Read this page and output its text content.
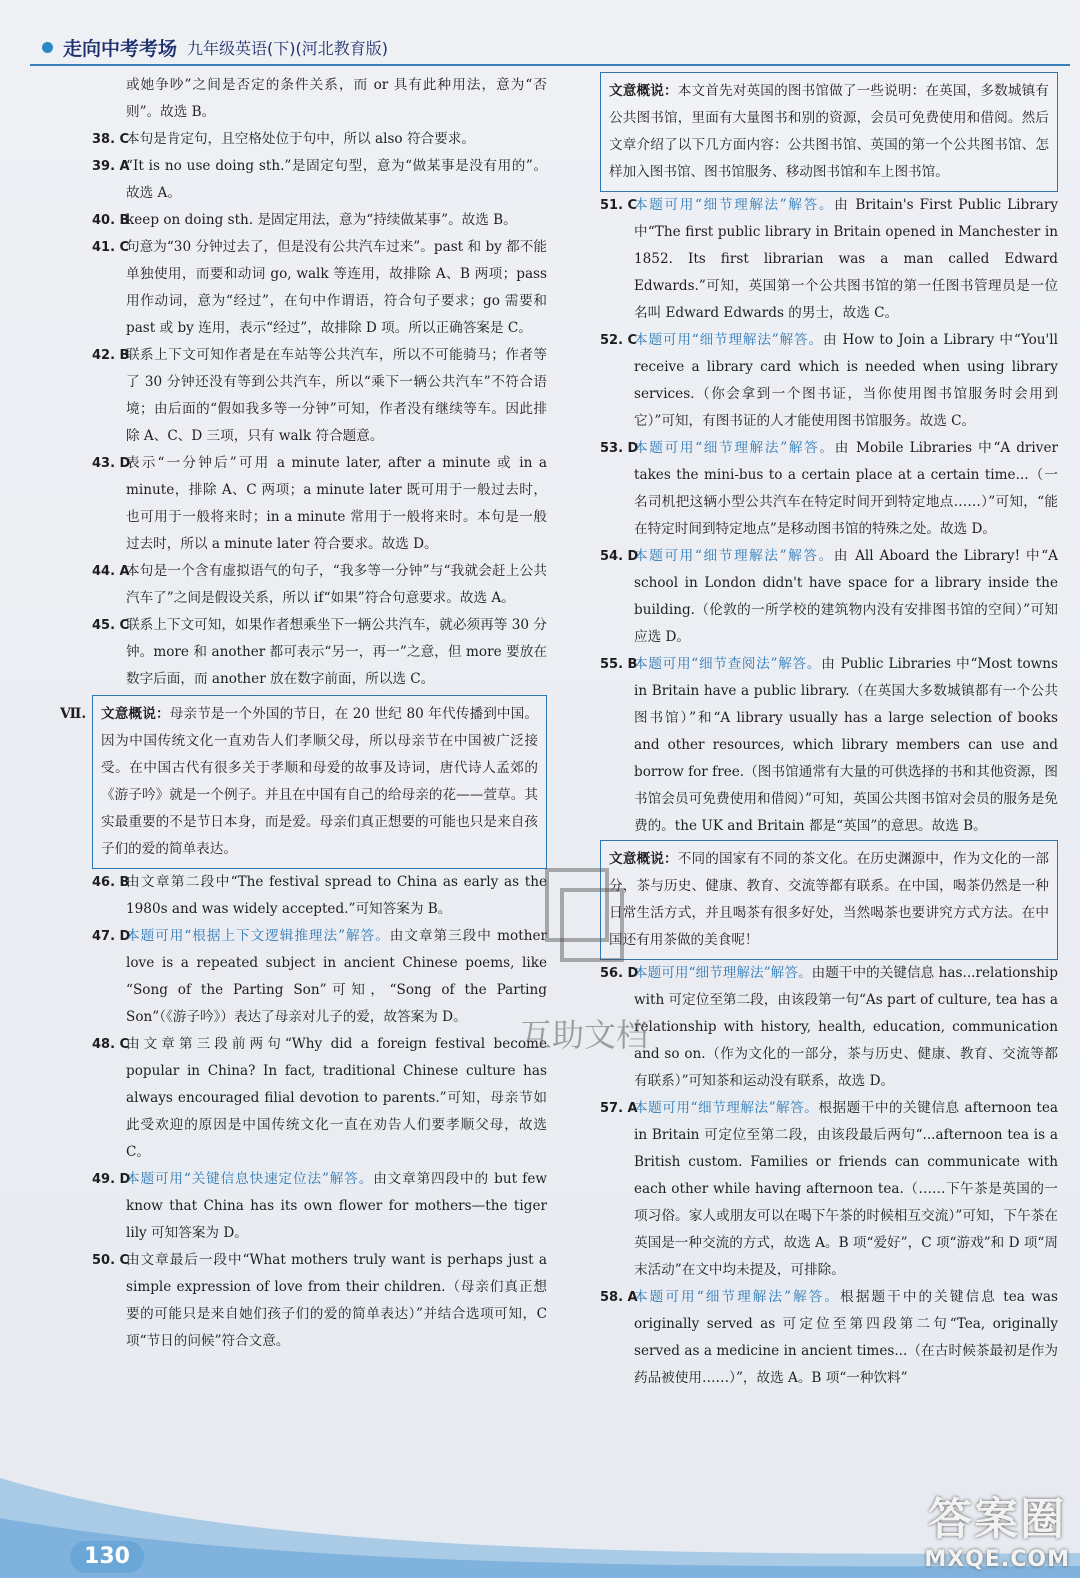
走向中考考场 九年级英语(下)(河北教育版)
或她争吵”之间是否定的条件关系，而 or 具有此种用法，意为“否则”。故选 B。
38. C
本句是肯定句，且空格处位于句中，所以 also 符合要求。
39. A
“It is no use doing sth.”是固定句型，意为“做某事是没有用的”。故选 A。
40. B
keep on doing sth. 是固定用法，意为“持续做某事”。故选 B。
41. C
句意为“30 分钟过去了，但是没有公共汽车过来”。past 和 by 都不能单独使用，而要和动词 go, walk 等连用，故排除 A、B 两项；pass 用作动词，意为“经过”，在句中作谓语，符合句子要求；go 需要和 past 或 by 连用，表示“经过”，故排除 D 项。所以正确答案是 C。
42. B
联系上下文可知作者是在车站等公共汽车，所以不可能骑马；作者等了 30 分钟还没有等到公共汽车，所以“乘下一辆公共汽车”不符合语境；由后面的“假如我多等一分钟”可知，作者没有继续等车。因此排除 A、C、D 三项，只有 walk 符合题意。
43. D
表示“一分钟后”可用 a minute later, after a minute 或 in a minute，排除 A、C 两项；a minute later 既可用于一般过去时，也可用于一般将来时；in a minute 常用于一般将来时。本句是一般过去时，所以 a minute later 符合要求。故选 D。
44. A
本句是一个含有虚拟语气的句子，“我多等一分钟”与“我就会赶上公共汽车了”之间是假设关系，所以 if“如果”符合句意要求。故选 A。
45. C
联系上下文可知，如果作者想乘坐下一辆公共汽车，就必须再等 30 分钟。more 和 another 都可表示“另一，再一”之意，但 more 要放在数字后面，而 another 放在数字前面，所以选 C。
Ⅶ.	文意概说：母亲节是一个外国的节日，在 20 世纪 80 年代传播到中国。因为中国传统文化一直劝告人们孝顺父母，所以母亲节在中国被广泛接受。在中国古代有很多关于孝顺和母爱的故事及诗词，唐代诗人孟郊的《游子吟》就是一个例子。并且在中国有自己的给母亲的花——萱草。其实最重要的不是节日本身，而是爱。母亲们真正想要的可能也只是来自孩子们的爱的简单表达。
46. B
由文章第二段中“The festival spread to China as early as the 1980s and was widely accepted.”可知答案为 B。
47. D
本题可用“根据上下文逻辑推理法”解答。由文章第三段中 mother love is a repeated subject in ancient Chinese poems, like “Song of the Parting Son”可知，“Song of the Parting Son”（《游子吟》）表达了母亲对儿子的爱，故答案为 D。
48. C
由文章第三段前两句“Why did a foreign festival become popular in China? In fact, traditional Chinese culture has always encouraged filial devotion to parents.”可知，母亲节如此受欢迎的原因是中国传统文化一直在劝告人们要孝顺父母，故选 C。
49. D
本题可用“关键信息快速定位法”解答。由文章第四段中的 but few know that China has its own flower for mothers—the tiger lily 可知答案为 D。
50. C
由文章最后一段中“What mothers truly want is perhaps just a simple expression of love from their children.（母亲们真正想要的可能只是来自她们孩子们的爱的简单表达）”并结合选项可知，C 项“节日的问候”符合文意。
文意概说：本文首先对英国的图书馆做了一些说明：在英国，多数城镇有公共图书馆，里面有大量图书和别的资源，会员可免费使用和借阅。然后文章介绍了以下几方面内容：公共图书馆、英国的第一个公共图书馆、怎样加入图书馆、图书馆服务、移动图书馆和车上图书馆。
51. C
本题可用“细节理解法”解答。由 Britain's First Public Library 中“The first public library in Britain opened in Manchester in 1852. Its first librarian was a man called Edward Edwards.”可知，英国第一个公共图书馆的第一任图书管理员是一位名叫 Edward Edwards 的男士，故选 C。
52. C
本题可用“细节理解法”解答。由 How to Join a Library 中“You'll receive a library card which is needed when using library services.（你会拿到一个图书证，当你使用图书馆服务时会用到它）”可知，有图书证的人才能使用图书馆服务。故选 C。
53. D
本题可用“细节理解法”解答。由 Mobile Libraries 中“A driver takes the mini-bus to a certain place at a certain time...（一名司机把这辆小型公共汽车在特定时间开到特定地点……）”可知，“能在特定时间到特定地点”是移动图书馆的特殊之处。故选 D。
54. D
本题可用“细节理解法”解答。由 All Aboard the Library! 中“A school in London didn't have space for a library inside the building.（伦敦的一所学校的建筑物内没有安排图书馆的空间）”可知应选 D。
55. B
本题可用“细节查阅法”解答。由 Public Libraries 中“Most towns in Britain have a public library.（在英国大多数城镇都有一个公共图书馆）”和“A library usually has a large selection of books and other resources, which library members can use and borrow for free.（图书馆通常有大量的可供选择的书和其他资源，图书馆会员可免费使用和借阅）”可知，英国公共图书馆对会员的服务是免费的。the UK and Britain 都是“英国”的意思。故选 B。
文意概说：不同的国家有不同的茶文化。在历史渊源中，作为文化的一部分，茶与历史、健康、教育、交流等都有联系。在中国，喝茶仍然是一种日常生活方式，并且喝茶有很多好处，当然喝茶也要讲究方式方法。在中国还有用茶做的美食呢！
56. D
本题可用“细节理解法”解答。由题干中的关键信息 has...relationship with 可定位至第二段，由该段第一句“As part of culture, tea has a relationship with history, health, education, communication and so on.（作为文化的一部分，茶与历史、健康、教育、交流等都有联系）”可知茶和运动没有联系，故选 D。
57. A
本题可用“细节理解法”解答。根据题干中的关键信息 afternoon tea in Britain 可定位至第二段，由该段最后两句“...afternoon tea is a British custom. Families or friends can communicate with each other while having afternoon tea.（……下午茶是英国的一项习俗。家人或朋友可以在喝下午茶的时候相互交流）”可知，下午茶在英国是一种交流的方式，故选 A。B 项“爱好”，C 项“游戏”和 D 项“周末活动”在文中均未提及，可排除。
58. A
本题可用“细节理解法”解答。根据题干中的关键信息 tea was originally served as 可定位至第四段第二句“Tea, originally served as a medicine in ancient times...（在古时候茶最初是作为药品被使用……）”，故选 A。B 项“一种饮料”
互助文档
130
答案圈
MXQE.COM
